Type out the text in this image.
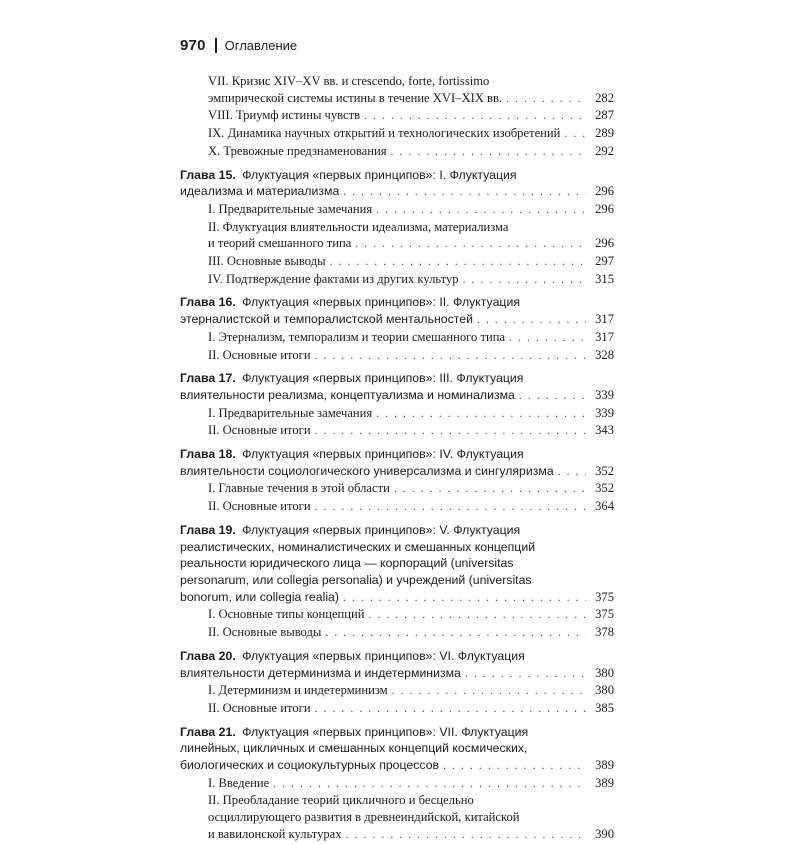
970 Оглавление
VII. Кризис XIV–XV вв. и crescendo, forte, fortissimo
эмпирической системы истины в течение XVI–XIX вв. . . .	282
VIII. Триумф истины чувств . . .	287
IX. Динамика научных открытий и технологических изобретений . . .	289
X. Тревожные предзнаменования . . .	292
Глава 15.
Флуктуация «первых принципов»: I. Флуктуация
идеализма и материализма . . .	296
I. Предварительные замечания . . .	296
II. Флуктуация влиятельности идеализма, материализма
и теорий смешанного типа . . .	296
III. Основные выводы . . .	297
IV. Подтверждение фактами из других культур . . .	315
Глава 16.
Флуктуация «первых принципов»: II. Флуктуация
этерналистской и темпоралистской ментальностей . . .	317
I. Этернализм, темпорализм и теории смешанного типа . . .	317
II. Основные итоги . . .	328
Глава 17.
Флуктуация «первых принципов»: III. Флуктуация
влиятельности реализма, концептуализма и номинализма . . .	339
I. Предварительные замечания . . .	339
II. Основные итоги . . .	343
Глава 18.
Флуктуация «первых принципов»: IV. Флуктуация
влиятельности социологического универсализма и сингуляризма . . .	352
I. Главные течения в этой области . . .	352
II. Основные итоги . . .	364
Глава 19.
Флуктуация «первых принципов»: V. Флуктуация
реалистических, номиналистических и смешанных концепций
реальности юридического лица — корпораций (universitas
personarum, или collegia personalia) и учреждений (universitas
bonorum, или collegia realia) . . .	375
I. Основные типы концепций . . .	375
II. Основные выводы . . .	378
Глава 20.
Флуктуация «первых принципов»: VI. Флуктуация
влиятельности детерминизма и индетерминизма . . .	380
I. Детерминизм и индетерминизм . . .	380
II. Основные итоги . . .	385
Глава 21.
Флуктуация «первых принципов»: VII. Флуктуация
линейных, цикличных и смешанных концепций космических,
биологических и социокультурных процессов . . .	389
I. Введение . . .	389
II. Преобладание теорий цикличного и бесцельно
осциллирующего развития в древнеиндийской, китайской
и вавилонской культурах . . .	390
